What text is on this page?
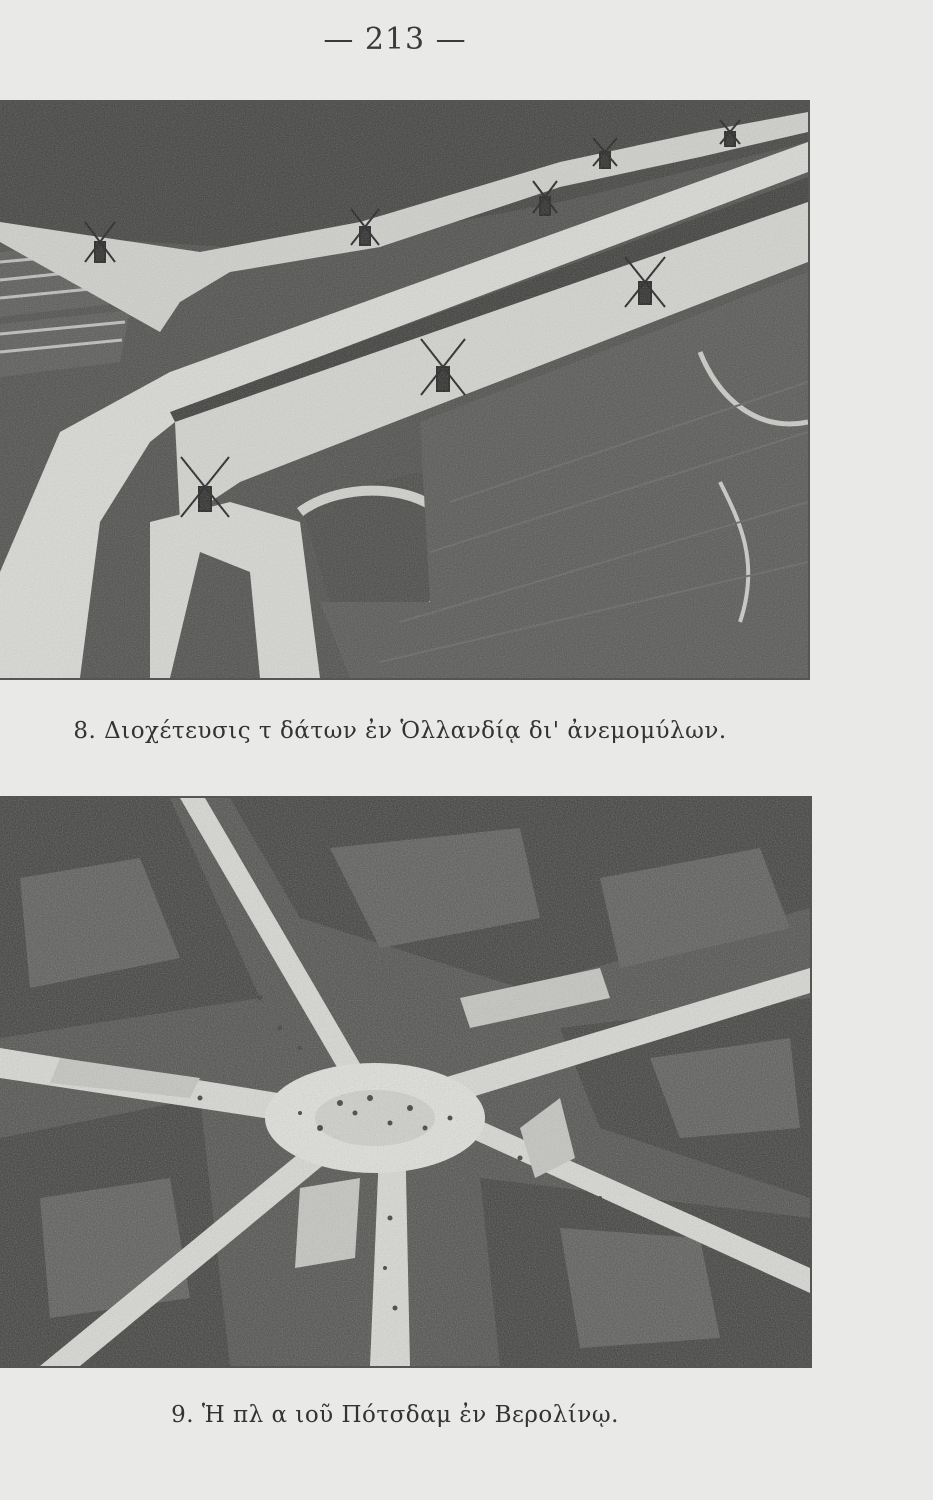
— 213 —
8. Διοχέτευσις τ δάτων ἐν Ὁλλανδίᾳ δι' ἀνεμομύλων.
9. Ἡ πλ α ιοῦ Πότσδαμ ἐν Βερολίνῳ.
